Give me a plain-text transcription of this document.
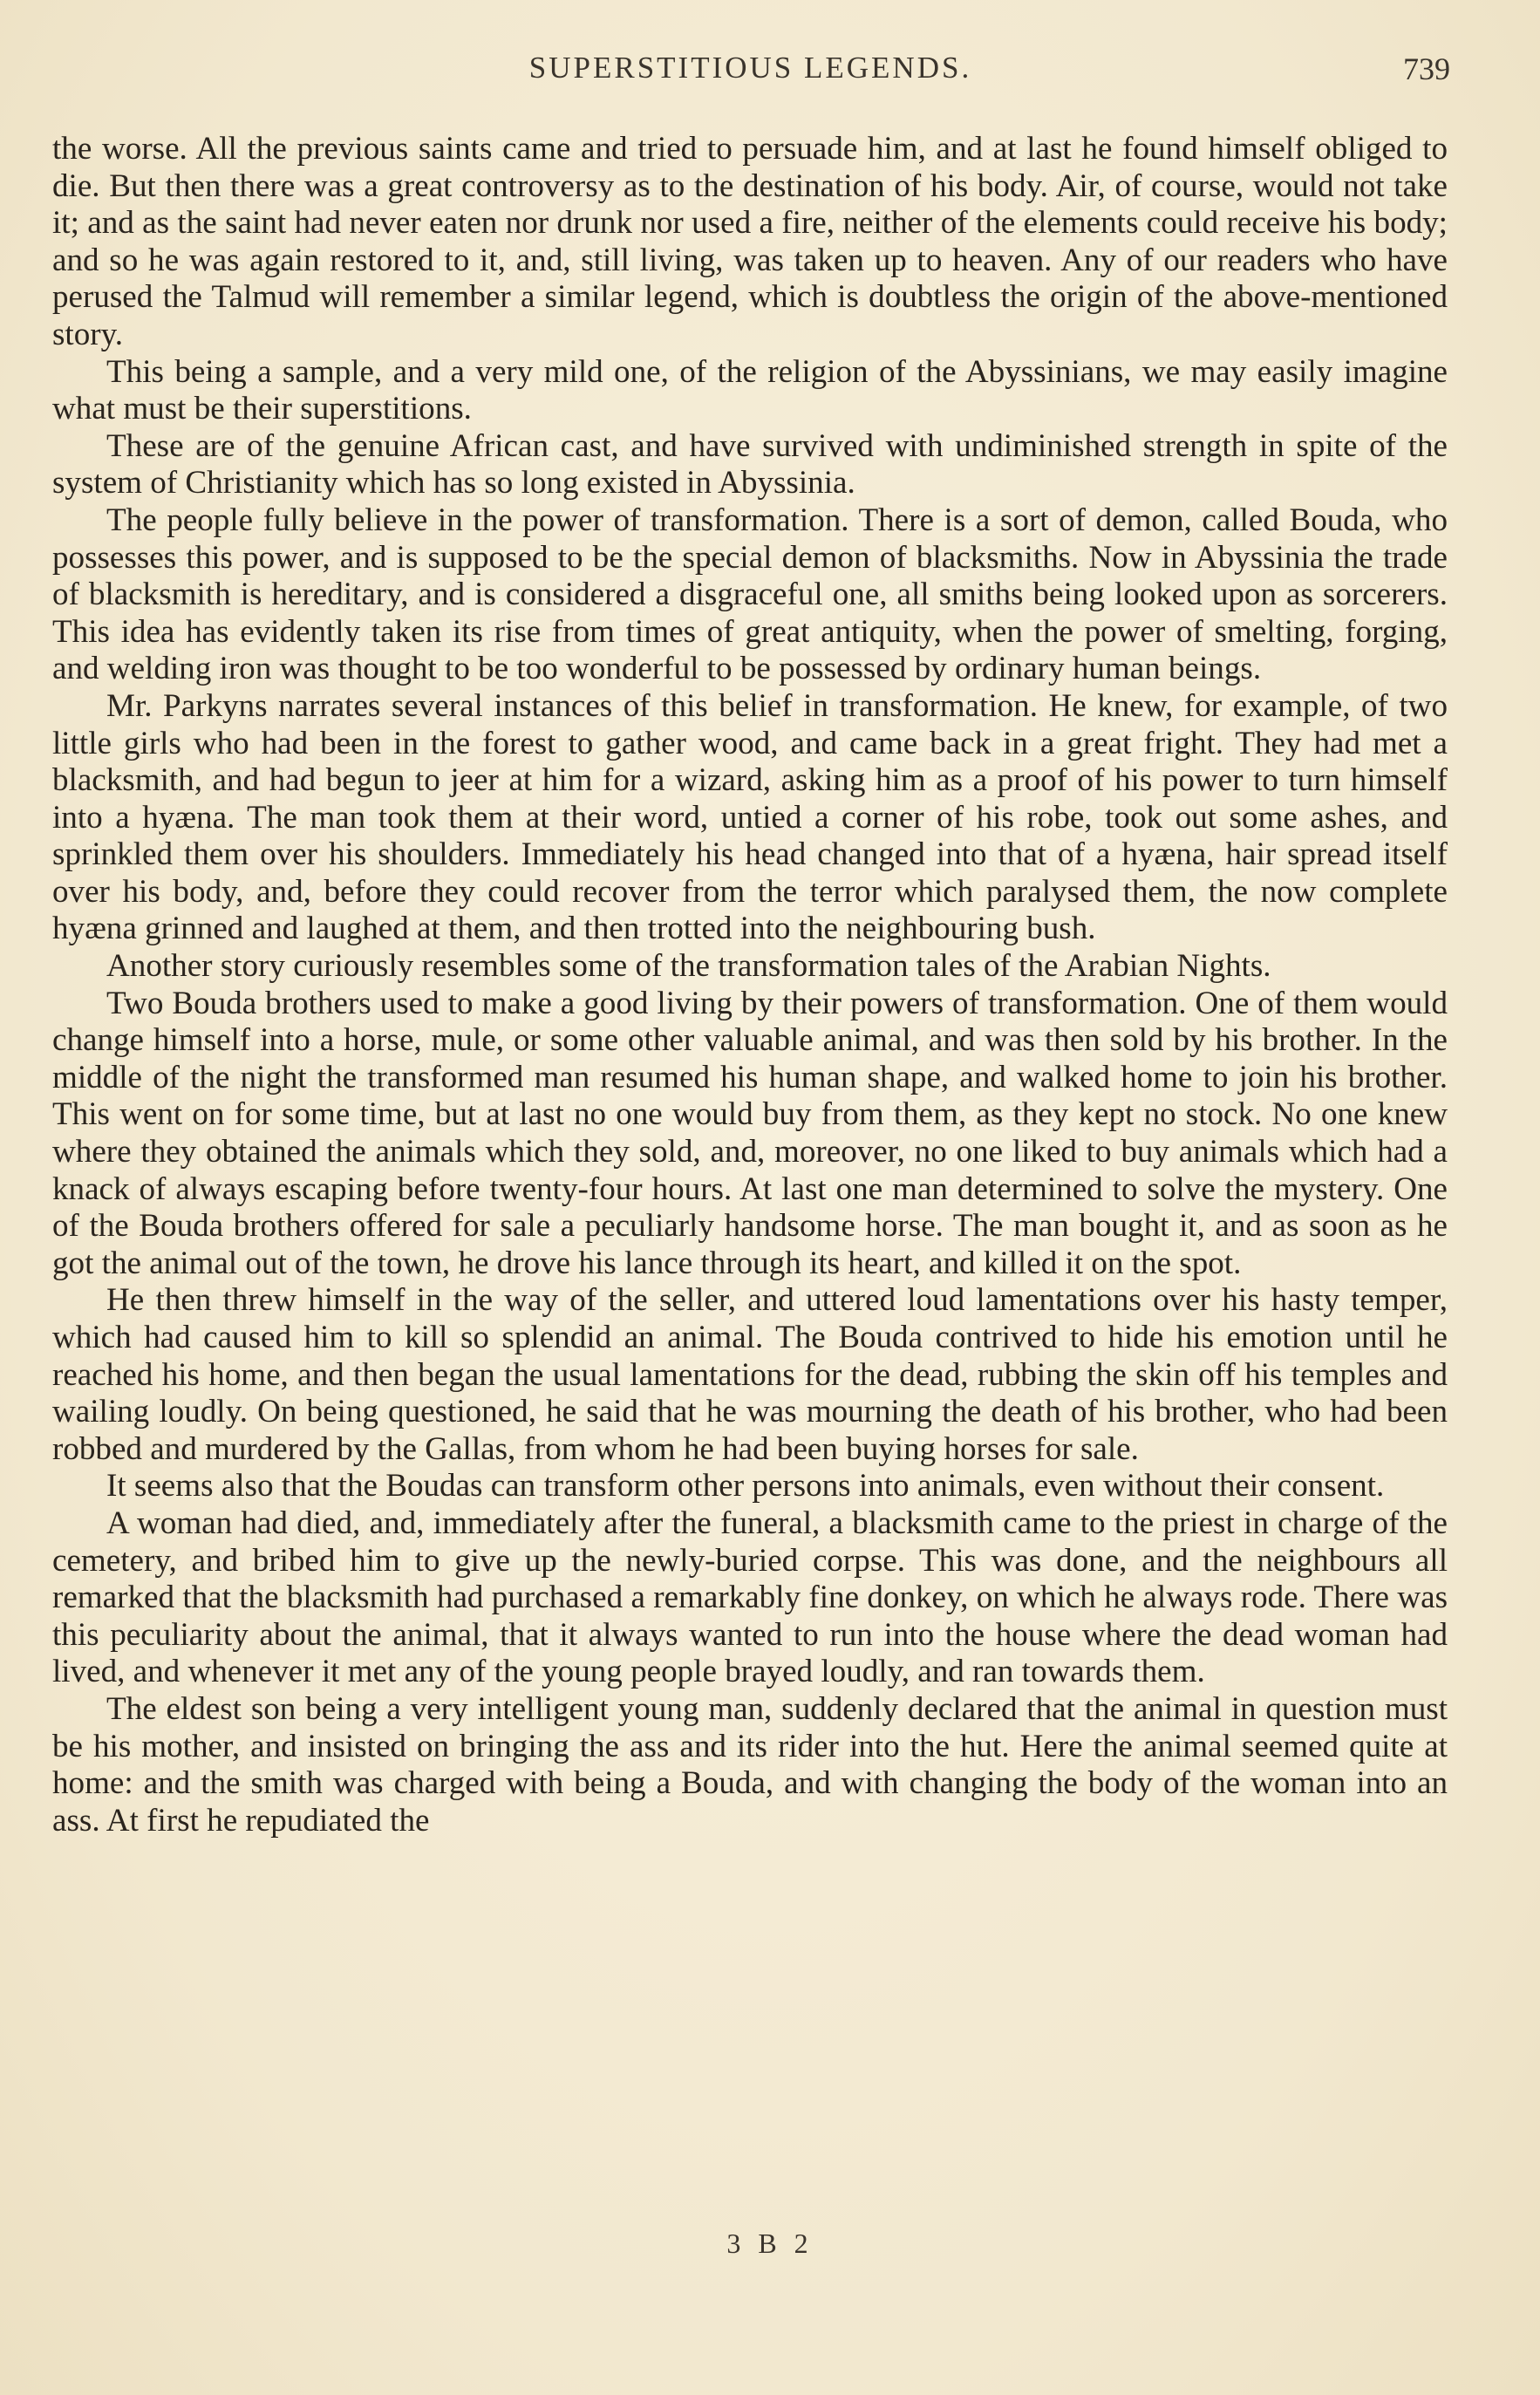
SUPERSTITIOUS LEGENDS.	739

the worse. All the previous saints came and tried to persuade him, and at last he found himself obliged to die. But then there was a great controversy as to the destination of his body. Air, of course, would not take it; and as the saint had never eaten nor drunk nor used a fire, neither of the elements could receive his body; and so he was again restored to it, and, still living, was taken up to heaven. Any of our readers who have perused the Talmud will remember a similar legend, which is doubtless the origin of the above-mentioned story.

This being a sample, and a very mild one, of the religion of the Abyssinians, we may easily imagine what must be their superstitions.

These are of the genuine African cast, and have survived with undiminished strength in spite of the system of Christianity which has so long existed in Abyssinia.

The people fully believe in the power of transformation. There is a sort of demon, called Bouda, who possesses this power, and is supposed to be the special demon of blacksmiths. Now in Abyssinia the trade of blacksmith is hereditary, and is considered a disgraceful one, all smiths being looked upon as sorcerers. This idea has evidently taken its rise from times of great antiquity, when the power of smelting, forging, and welding iron was thought to be too wonderful to be possessed by ordinary human beings.

Mr. Parkyns narrates several instances of this belief in transformation. He knew, for example, of two little girls who had been in the forest to gather wood, and came back in a great fright. They had met a blacksmith, and had begun to jeer at him for a wizard, asking him as a proof of his power to turn himself into a hyæna. The man took them at their word, untied a corner of his robe, took out some ashes, and sprinkled them over his shoulders. Immediately his head changed into that of a hyæna, hair spread itself over his body, and, before they could recover from the terror which paralysed them, the now complete hyæna grinned and laughed at them, and then trotted into the neighbouring bush.

Another story curiously resembles some of the transformation tales of the Arabian Nights.

Two Bouda brothers used to make a good living by their powers of transformation. One of them would change himself into a horse, mule, or some other valuable animal, and was then sold by his brother. In the middle of the night the transformed man resumed his human shape, and walked home to join his brother. This went on for some time, but at last no one would buy from them, as they kept no stock. No one knew where they obtained the animals which they sold, and, moreover, no one liked to buy animals which had a knack of always escaping before twenty-four hours. At last one man determined to solve the mystery. One of the Bouda brothers offered for sale a peculiarly handsome horse. The man bought it, and as soon as he got the animal out of the town, he drove his lance through its heart, and killed it on the spot.

He then threw himself in the way of the seller, and uttered loud lamentations over his hasty temper, which had caused him to kill so splendid an animal. The Bouda contrived to hide his emotion until he reached his home, and then began the usual lamentations for the dead, rubbing the skin off his temples and wailing loudly. On being questioned, he said that he was mourning the death of his brother, who had been robbed and murdered by the Gallas, from whom he had been buying horses for sale.

It seems also that the Boudas can transform other persons into animals, even without their consent.

A woman had died, and, immediately after the funeral, a blacksmith came to the priest in charge of the cemetery, and bribed him to give up the newly-buried corpse. This was done, and the neighbours all remarked that the blacksmith had purchased a remarkably fine donkey, on which he always rode. There was this peculiarity about the animal, that it always wanted to run into the house where the dead woman had lived, and whenever it met any of the young people brayed loudly, and ran towards them.

The eldest son being a very intelligent young man, suddenly declared that the animal in question must be his mother, and insisted on bringing the ass and its rider into the hut. Here the animal seemed quite at home: and the smith was charged with being a Bouda, and with changing the body of the woman into an ass. At first he repudiated the

3 B 2
